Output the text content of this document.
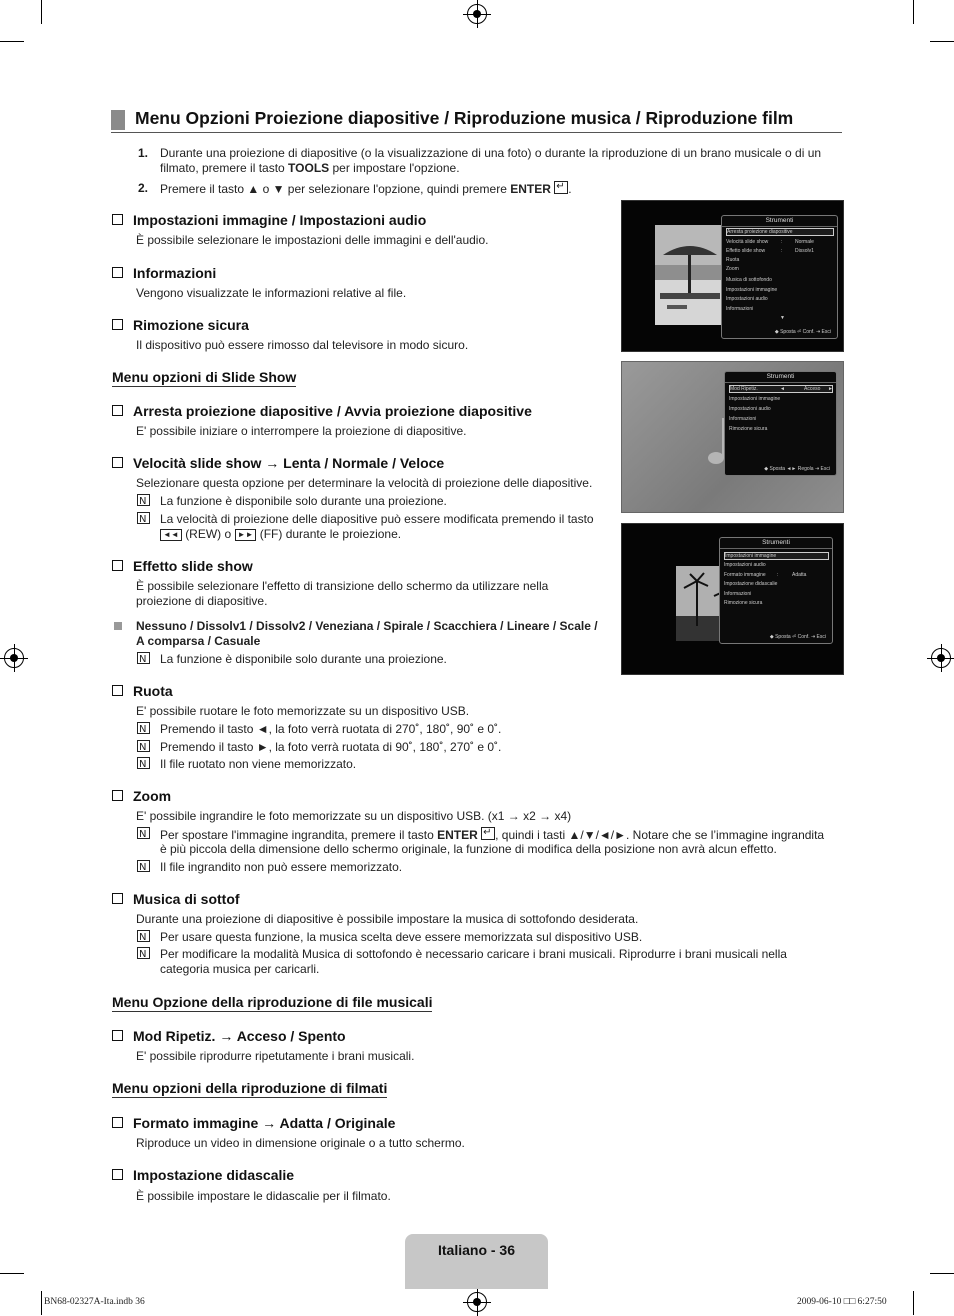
Menu Opzioni Proiezione diapositive / Riproduzione musica / Riproduzione film
1. Durante una proiezione di diapositive (o la visualizzazione di una foto) o durante la riproduzione di un brano musicale o di un
filmato, premere il tasto TOOLS per impostare l'opzione.
2. Premere il tasto ▲ o ▼ per selezionare l'opzione, quindi premere ENTER ↵ .
Impostazioni immagine / Impostazioni audio
È possibile selezionare le impostazioni delle immagini e dell'audio.
Informazioni
Vengono visualizzate le informazioni relative al file.
Rimozione sicura
Il dispositivo può essere rimosso dal televisore in modo sicuro.
Menu opzioni di Slide Show
Arresta proiezione diapositive / Avvia proiezione diapositive
E' possibile iniziare o interrompere la proiezione di diapositive.
Velocità slide show → Lenta / Normale / Veloce
Selezionare questa opzione per determinare la velocità di proiezione delle diapositive.
N La funzione è disponibile solo durante una proiezione.
N La velocità di proiezione delle diapositive può essere modificata premendo il tasto
◄◄ (REW) o ►► (FF) durante le proiezione.
Effetto slide show
È possibile selezionare l'effetto di transizione dello schermo da utilizzare nella
proiezione di diapositive.
Nessuno / Dissolv1 / Dissolv2 / Veneziana / Spirale / Scacchiera / Lineare / Scale /
A comparsa / Casuale
N La funzione è disponibile solo durante una proiezione.
Ruota
E' possibile ruotare le foto memorizzate su un dispositivo USB.
N Premendo il tasto ◄, la foto verrà ruotata di 270˚, 180˚, 90˚ e 0˚.
N Premendo il tasto ►, la foto verrà ruotata di 90˚, 180˚, 270˚ e 0˚.
N Il file ruotato non viene memorizzato.
Zoom
E' possibile ingrandire le foto memorizzate su un dispositivo USB. (x1 → x2 → x4)
N Per spostare l'immagine ingrandita, premere il tasto ENTER ↵ , quindi i tasti ▲/▼/◄/►. Notare che se l’immagine ingrandita
è più piccola della dimensione dello schermo originale, la funzione di modifica della posizione non avrà alcun effetto.
N Il file ingrandito non può essere memorizzato.
Musica di sottof
Durante una proiezione di diapositive è possibile impostare la musica di sottofondo desiderata.
N Per usare questa funzione, la musica scelta deve essere memorizzata sul dispositivo USB.
N Per modificare la modalità Musica di sottofondo è necessario caricare i brani musicali. Riprodurre i brani musicali nella
categoria musica per caricarli.
Menu Opzione della riproduzione di file musicali
Mod Ripetiz. → Acceso / Spento
E' possibile riprodurre ripetutamente i brani musicali.
Menu opzioni della riproduzione di filmati
Formato immagine → Adatta / Originale
Riproduce un video in dimensione originale o a tutto schermo.
Impostazione didascalie
È possibile impostare le didascalie per il filmato.
Strumenti
Arresta proiezione diapositive
Velocità slide show	:	Normale
Effetto slide show	:	Dissolv1
Ruota
Zoom
Musica di sottofondo
Impostazioni immagine
Impostazioni audio
Informazioni
▼
◆ Sposta ⏎ Conf. ⇥ Esci
Strumenti
Mod Ripetiz.	◄	Acceso ►
Impostazioni immagine
Impostazioni audio
Informazioni
Rimozione sicura
◆ Sposta ◄► Regola ⇥ Esci
Strumenti
Impostazioni immagine
Impostazioni audio
Formato immagine :	Adatta
Impostazione didascalie
Informazioni
Rimozione sicura
◆ Sposta ⏎ Conf. ⇥ Esci
Italiano - 36
BN68-02327A-Ita.indb 36	2009-06-10 □□ 6:27:50
